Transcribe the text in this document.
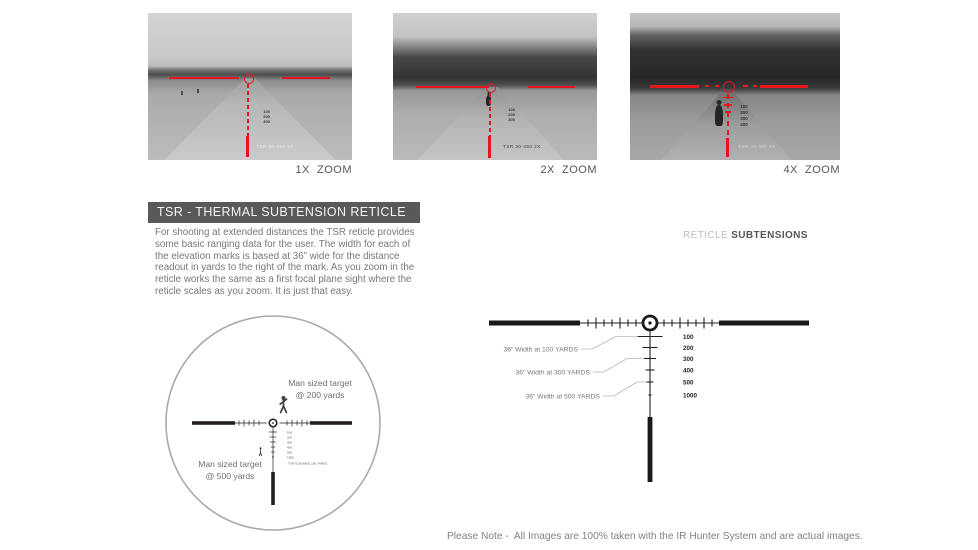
100
200
300
TSR 30-450 1X
1X  ZOOM
100
200
300
TSR 30-450 2X
2X  ZOOM
100
200
300
400
TSR 30-450 4X
4X  ZOOM
TSR - THERMAL SUBTENSION RETICLE

For shooting at extended distances the TSR reticle provides some basic ranging data for the user. The width for each of the elevation marks is based at 36” wide for the distance readout in yards to the right of the mark. As you zoom in the reticle works the same as a first focal plane sight where the reticle scales as you zoom. It is just that easy.

RETICLE SUBTENSIONS
100
200
300
400
500
1000
Man sized target
@ 200 yards
Man sized target
@ 500 yards
TSR SCALABLE 100 YARDS
36” Width at 100 YARDS
36” Width at 300 YARDS
36” Width at 500 YARDS
100
200
300
400
500
1000
Please Note -  All Images are 100% taken with the IR Hunter System and are actual images.
